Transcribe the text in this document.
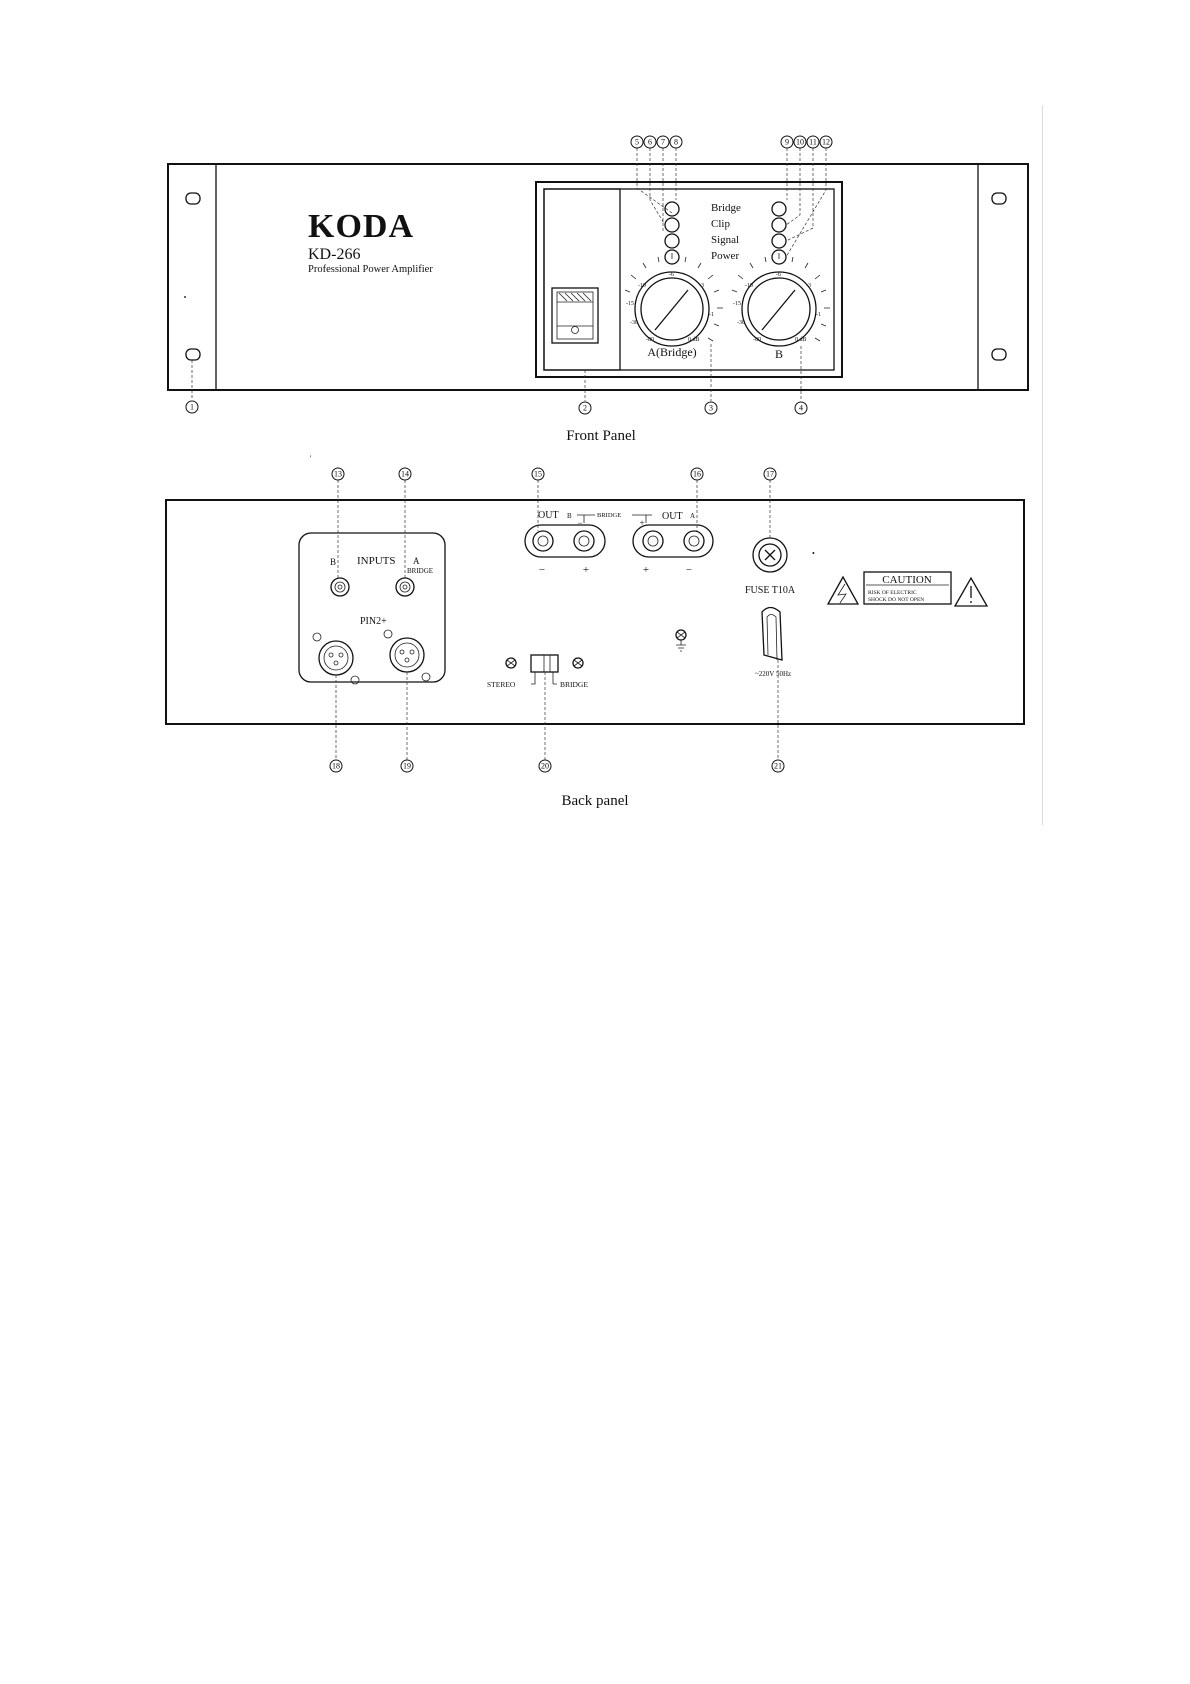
KODA
KD-266
Professional Power Amplifier
Bridge
Clip
Signal
Power
-10
-6
-3
-15
-1
-30
-80	0 dB
A(Bridge)
-10
-6
-3
-15
-1
-30
-80	0 dB
B
5 6 7 8	9 10 11 12
1	2	3	4
Front Panel
'
B INPUTS A
BRIDGE
PIN2+
OUT B	BRIDGE	OUT A
−	+
−	+	+	−
STEREO	BRIDGE
•
FUSE T10A
~220V 50Hz
CAUTION
RISK OF ELECTRIC
SHOCK DO NOT OPEN
13	14	15	16	17
18	19	20	21
Back panel
